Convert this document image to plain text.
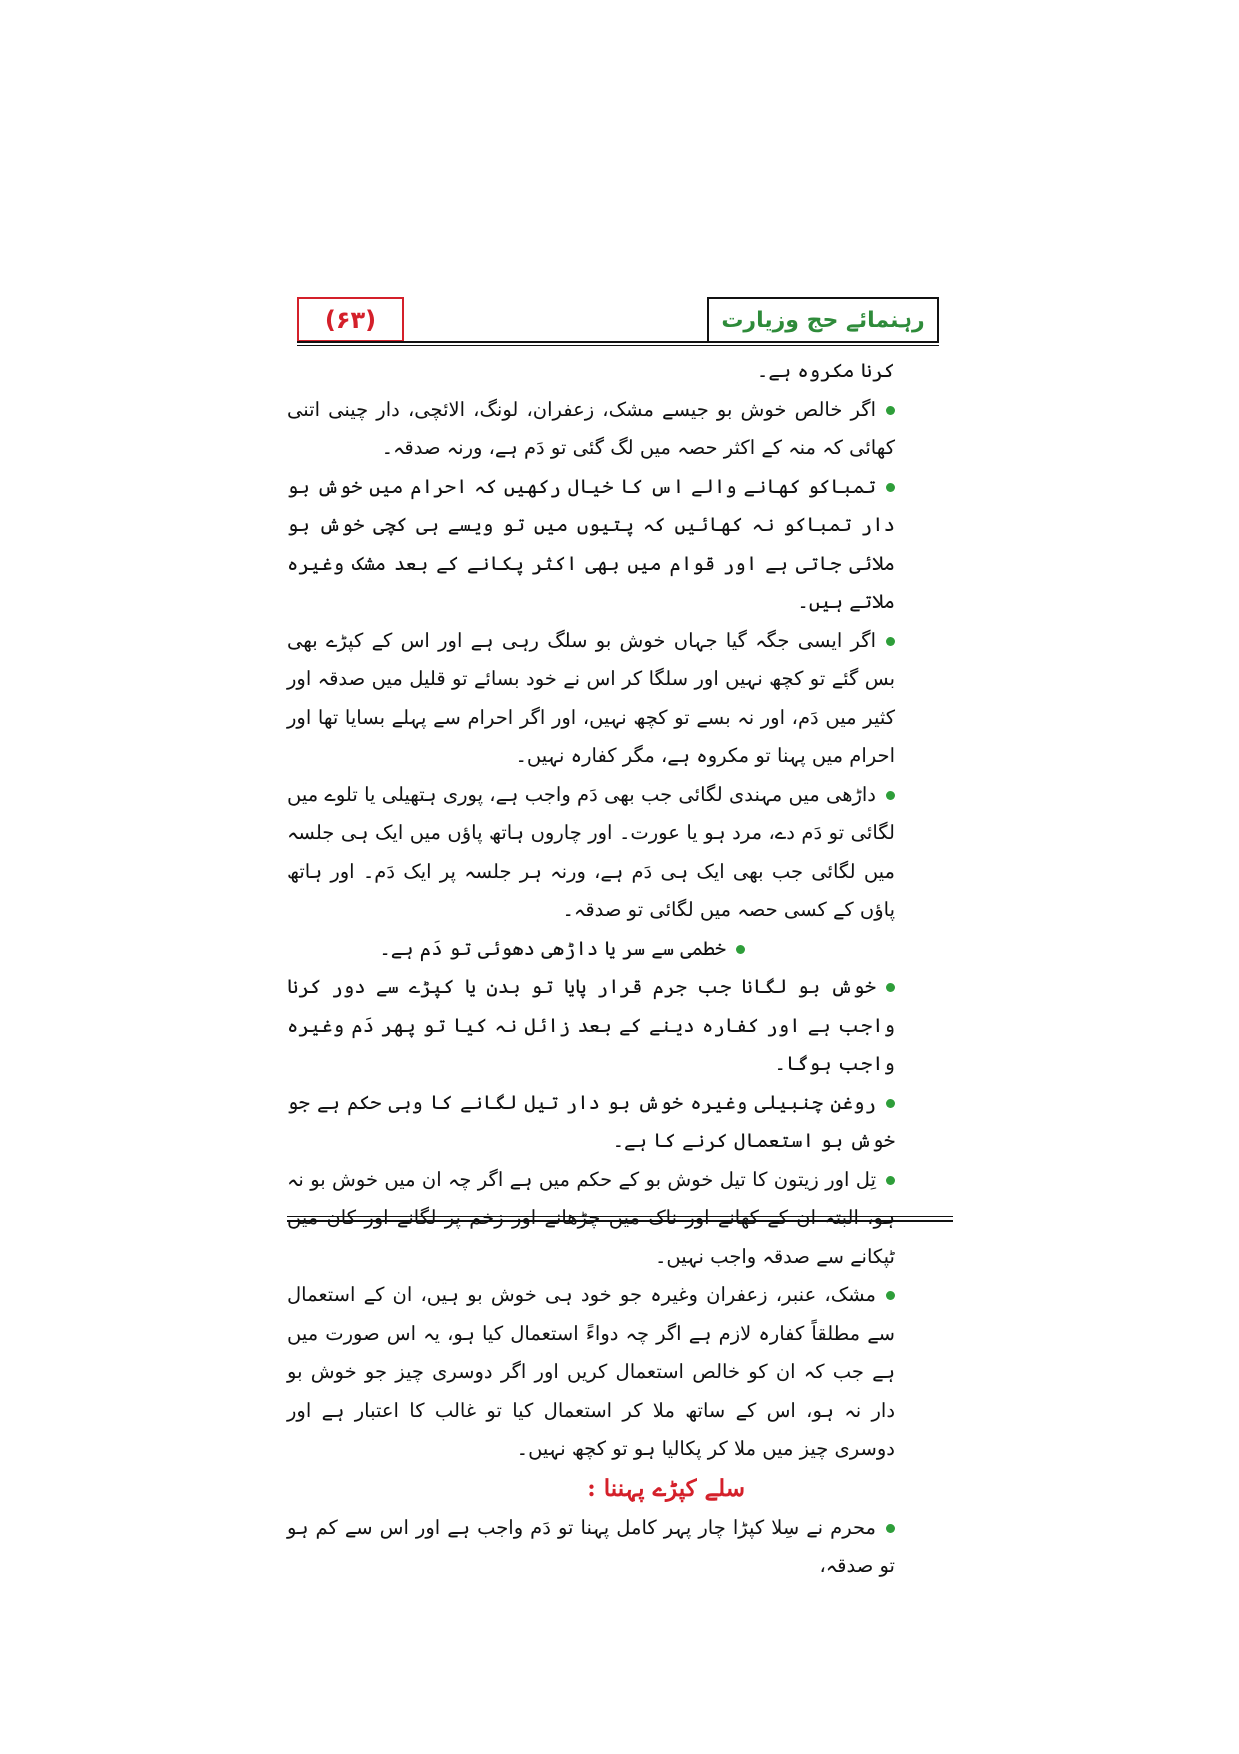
(۶۳)	رہنمائے حج وزیارت

کرنا مکروہ ہے۔

اگر خالص خوش بو جیسے مشک، زعفران، لونگ، الائچی، دار چینی اتنی کھائی کہ منہ کے اکثر حصہ میں لگ گئی تو دَم ہے، ورنہ صدقہ۔

تمباکو کھانے والے اس کا خیال رکھیں کہ احرام میں خوش بو دار تمباکو نہ کھائیں کہ پتیوں میں تو ویسے ہی کچی خوش بو ملائی جاتی ہے اور قوام میں بھی اکثر پکانے کے بعد مشک وغیرہ ملاتے ہیں۔

اگر ایسی جگہ گیا جہاں خوش بو سلگ رہی ہے اور اس کے کپڑے بھی بس گئے تو کچھ نہیں اور سلگا کر اس نے خود بسائے تو قلیل میں صدقہ اور کثیر میں دَم، اور نہ بسے تو کچھ نہیں، اور اگر احرام سے پہلے بسایا تھا اور احرام میں پہنا تو مکروہ ہے، مگر کفارہ نہیں۔

داڑھی میں مہندی لگائی جب بھی دَم واجب ہے، پوری ہتھیلی یا تلوے میں لگائی تو دَم دے، مرد ہو یا عورت۔ اور چاروں ہاتھ پاؤں میں ایک ہی جلسہ میں لگائی جب بھی ایک ہی دَم ہے، ورنہ ہر جلسہ پر ایک دَم۔ اور ہاتھ پاؤں کے کسی حصہ میں لگائی تو صدقہ۔

خطمی سے سر یا داڑھی دھوئی تو دَم ہے۔

خوش بو لگانا جب جرم قرار پایا تو بدن یا کپڑے سے دور کرنا واجب ہے اور کفارہ دینے کے بعد زائل نہ کیا تو پھر دَم وغیرہ واجب ہوگا۔

روغن چنبیلی وغیرہ خوش بو دار تیل لگانے کا وہی حکم ہے جو خوش بو استعمال کرنے کا ہے۔

تِل اور زیتون کا تیل خوش بو کے حکم میں ہے اگر چہ ان میں خوش بو نہ ہو، البتہ ان کے کھانے اور ناک میں چڑھانے اور زخم پر لگانے اور کان میں ٹپکانے سے صدقہ واجب نہیں۔

مشک، عنبر، زعفران وغیرہ جو خود ہی خوش بو ہیں، ان کے استعمال سے مطلقاً کفارہ لازم ہے اگر چہ دواءً استعمال کیا ہو، یہ اس صورت میں ہے جب کہ ان کو خالص استعمال کریں اور اگر دوسری چیز جو خوش بو دار نہ ہو، اس کے ساتھ ملا کر استعمال کیا تو غالب کا اعتبار ہے اور دوسری چیز میں ملا کر پکالیا ہو تو کچھ نہیں۔

سلے کپڑے پہننا :

محرم نے سِلا کپڑا چار پہر کامل پہنا تو دَم واجب ہے اور اس سے کم ہو تو صدقہ،
